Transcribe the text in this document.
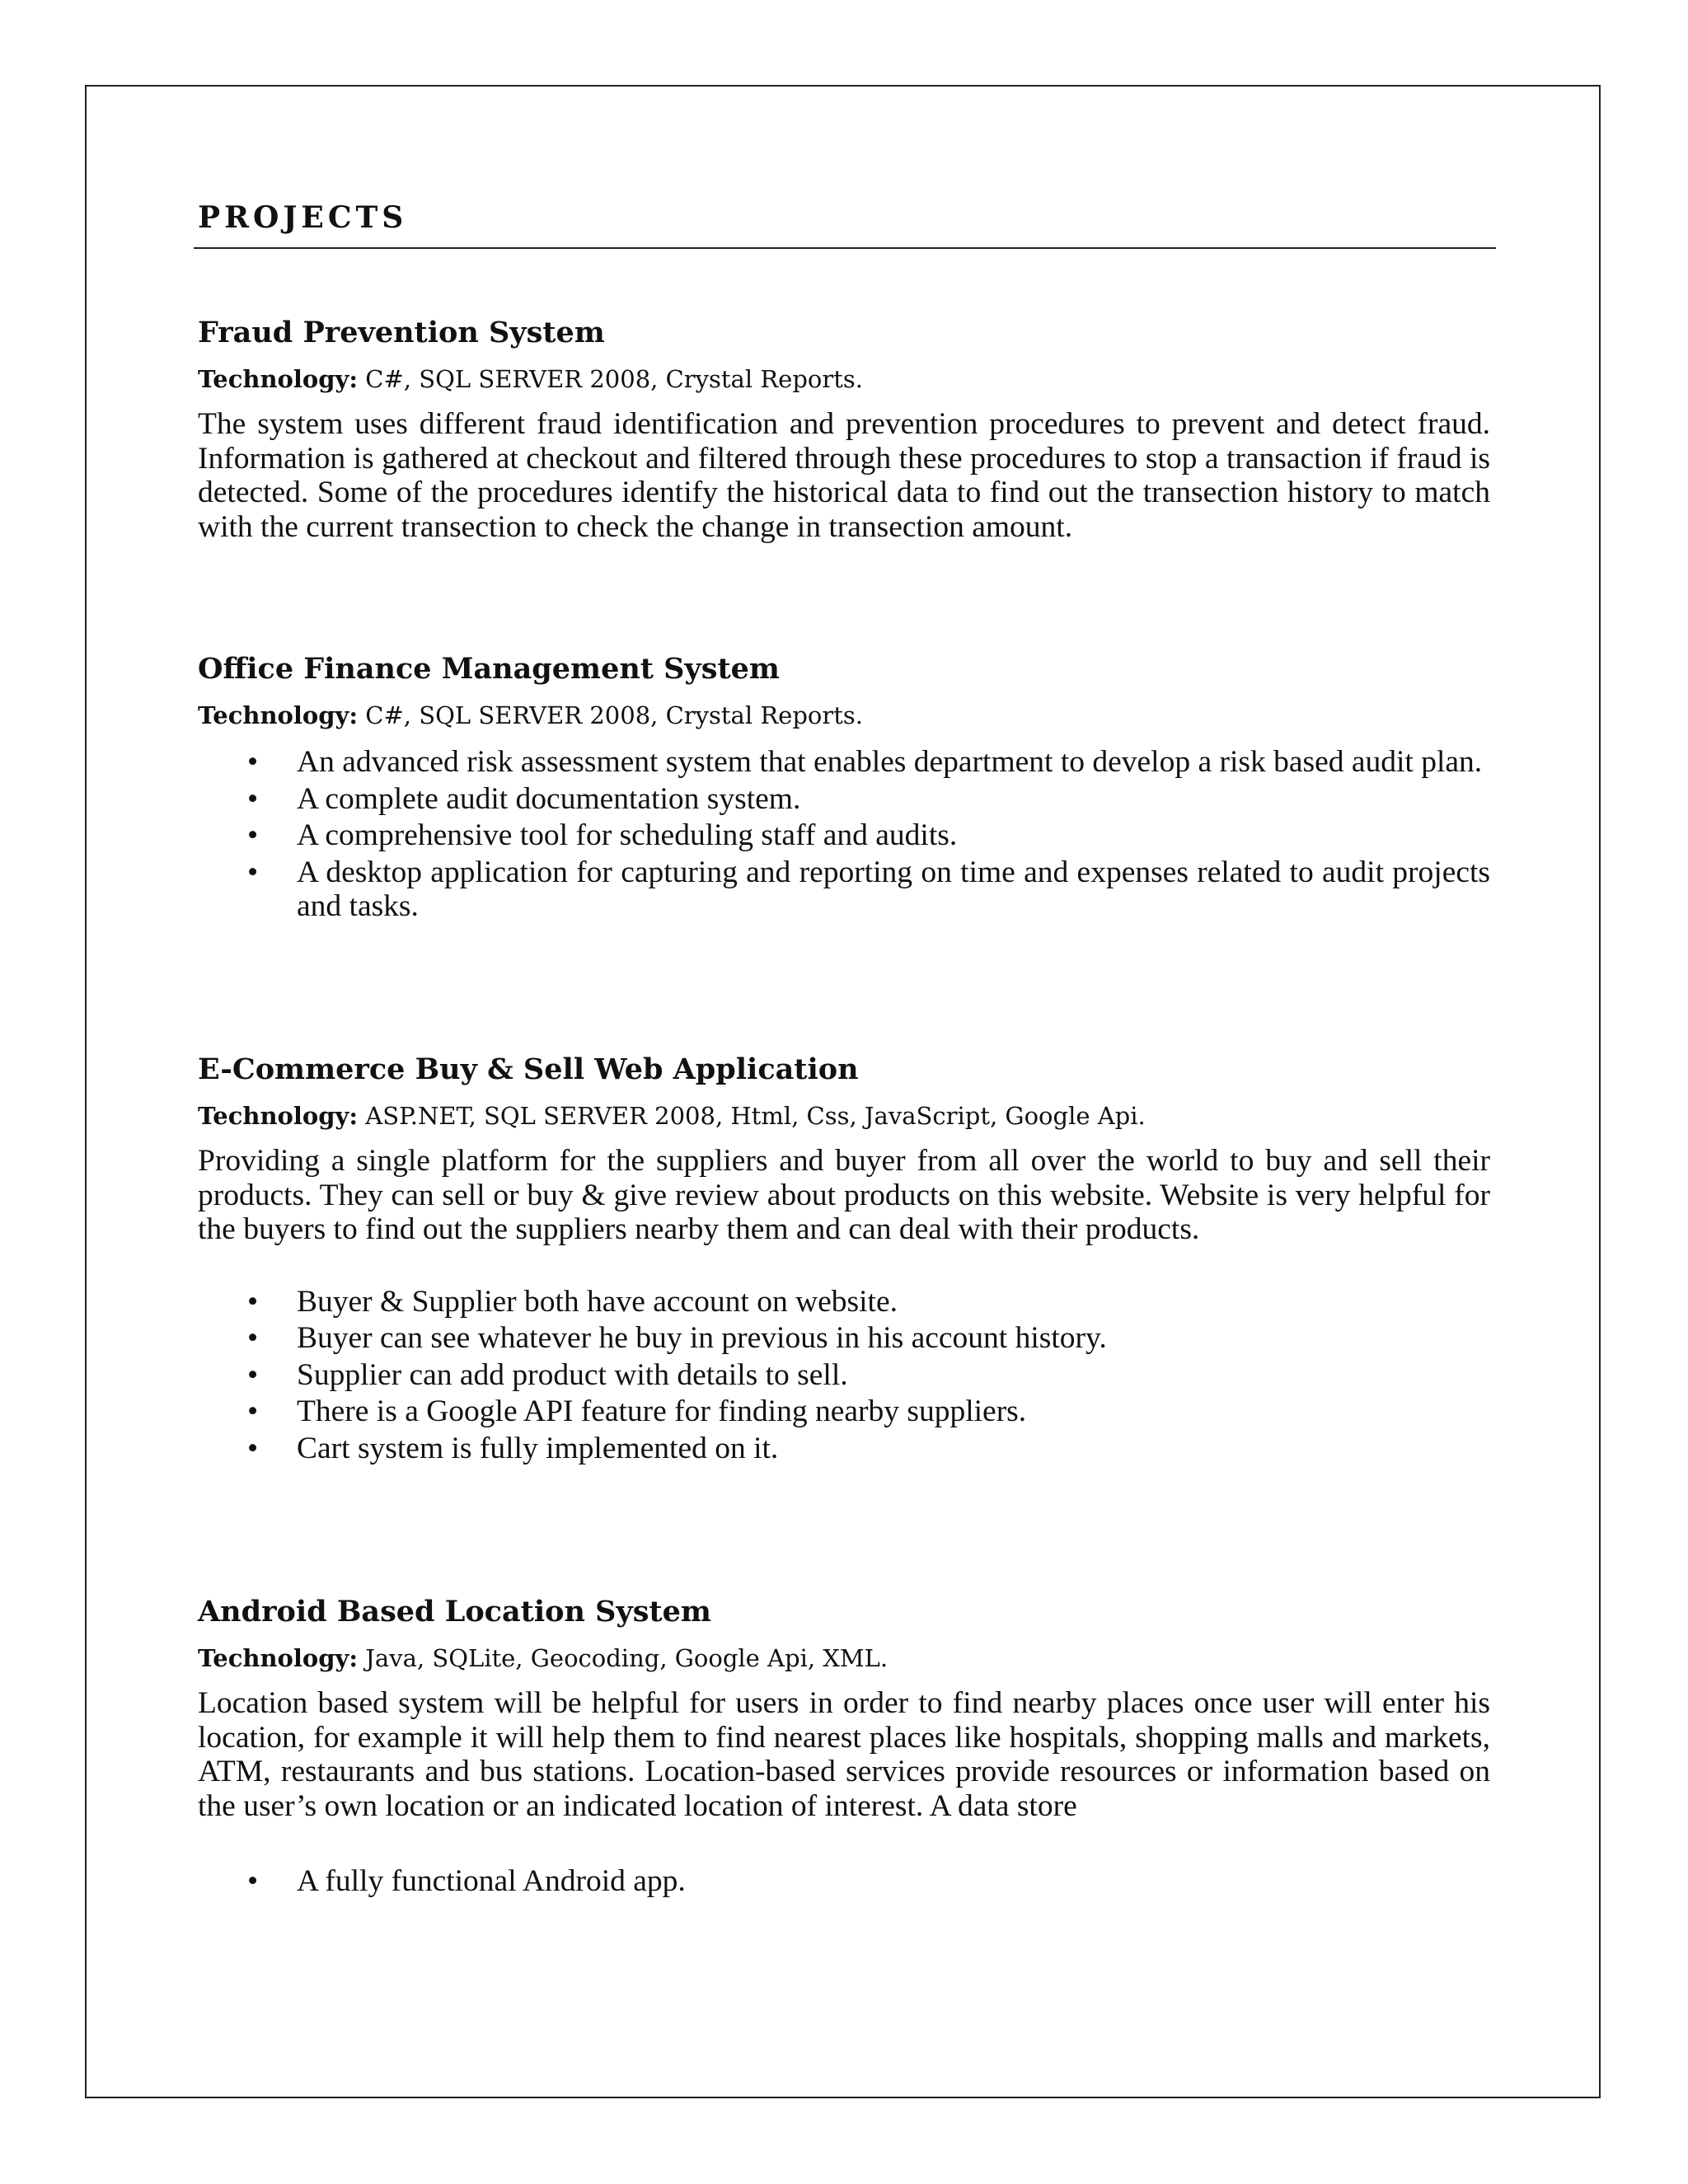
PROJECTS
Fraud Prevention System

Technology: C#, SQL SERVER 2008, Crystal Reports.

The system uses different fraud identification and prevention procedures to prevent and detect fraud. Information is gathered at checkout and filtered through these procedures to stop a transaction if fraud is detected. Some of the procedures identify the historical data to find out the transection history to match with the current transection to check the change in transection amount.

Office Finance Management System

Technology: C#, SQL SERVER 2008, Crystal Reports.

• An advanced risk assessment system that enables department to develop a risk based audit plan.
• A complete audit documentation system.
• A comprehensive tool for scheduling staff and audits.
• A desktop application for capturing and reporting on time and expenses related to audit projects and tasks.
E-Commerce Buy & Sell Web Application

Technology: ASP.NET, SQL SERVER 2008, Html, Css, JavaScript, Google Api.

Providing a single platform for the suppliers and buyer from all over the world to buy and sell their products. They can sell or buy & give review about products on this website. Website is very helpful for the buyers to find out the suppliers nearby them and can deal with their products.

• Buyer & Supplier both have account on website.
• Buyer can see whatever he buy in previous in his account history.
• Supplier can add product with details to sell.
• There is a Google API feature for finding nearby suppliers.
• Cart system is fully implemented on it.
Android Based Location System

Technology: Java, SQLite, Geocoding, Google Api, XML.

Location based system will be helpful for users in order to find nearby places once user will enter his location, for example it will help them to find nearest places like hospitals, shopping malls and markets, ATM, restaurants and bus stations. Location-based services provide resources or information based on the user’s own location or an indicated location of interest. A data store

• A fully functional Android app.
